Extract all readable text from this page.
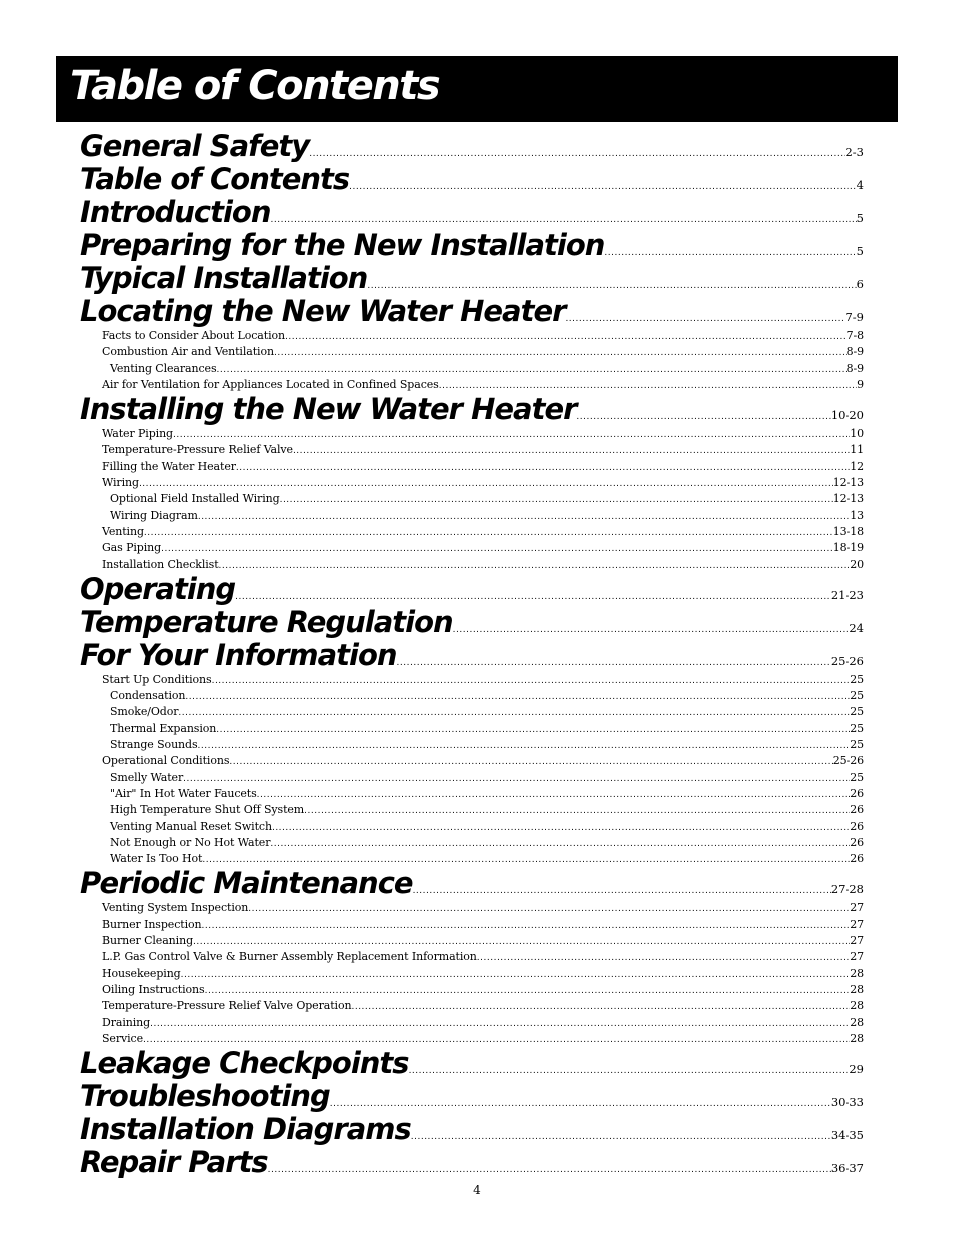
Table of Contents
General Safety .....	2-3
Table of Contents .....	4
Introduction .....	5
Preparing for the New Installation .....	5
Typical Installation .....	6
Locating the New Water Heater .....	7-9
Facts to Consider About Location .....	7-8
Combustion Air and Ventilation .....	8-9
Venting Clearances .....	8-9
Air for Ventilation for Appliances Located in Confined Spaces .....	9
Installing the New Water Heater .....	10-20
Water Piping .....	10
Temperature-Pressure Relief Valve .....	11
Filling the Water Heater .....	12
Wiring .....	12-13
Optional Field Installed Wiring .....	12-13
Wiring Diagram .....	13
Venting .....	13-18
Gas Piping .....	18-19
Installation Checklist .....	20
Operating .....	21-23
Temperature Regulation .....	24
For Your Information .....	25-26
Start Up Conditions .....	25
Condensation .....	25
Smoke/Odor .....	25
Thermal Expansion .....	25
Strange Sounds .....	25
Operational Conditions .....	25-26
Smelly Water .....	25
"Air" In Hot Water Faucets .....	26
High Temperature Shut Off System .....	26
Venting Manual Reset Switch .....	26
Not Enough or No Hot Water .....	26
Water Is Too Hot .....	26
Periodic Maintenance .....	27-28
Venting System Inspection .....	27
Burner Inspection .....	27
Burner Cleaning .....	27
L.P. Gas Control Valve & Burner Assembly Replacement Information .....	27
Housekeeping .....	28
Oiling Instructions .....	28
Temperature-Pressure Relief Valve Operation .....	28
Draining .....	28
Service .....	28
Leakage Checkpoints .....	29
Troubleshooting .....	30-33
Installation Diagrams .....	34-35
Repair Parts .....	36-37
4
